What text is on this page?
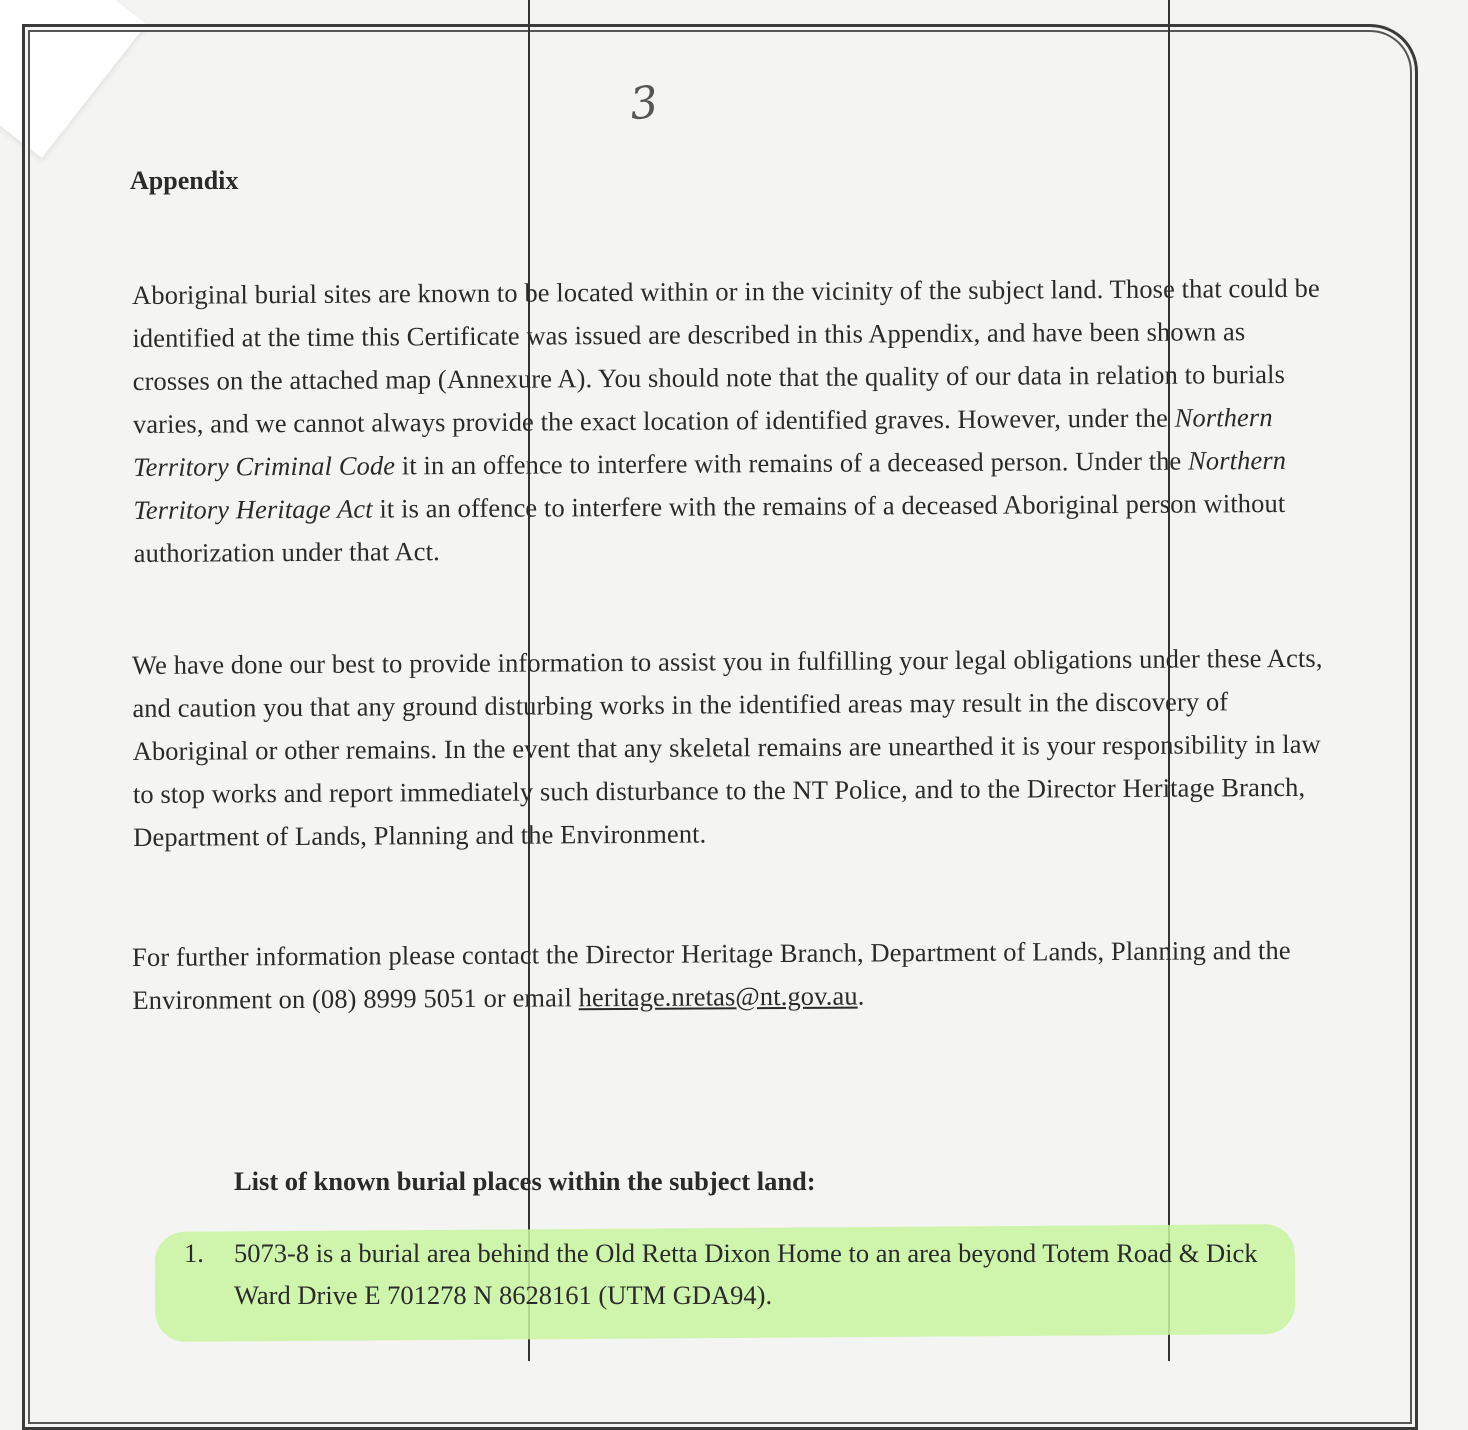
3
Appendix
Aboriginal burial sites are known to be located within or in the vicinity of the subject land. Those that could be identified at the time this Certificate was issued are described in this Appendix, and have been shown as crosses on the attached map (Annexure A). You should note that the quality of our data in relation to burials varies, and we cannot always provide the exact location of identified graves. However, under the Northern Territory Criminal Code it in an offence to interfere with remains of a deceased person. Under the Northern Territory Heritage Act it is an offence to interfere with the remains of a deceased Aboriginal person without authorization under that Act.
We have done our best to provide information to assist you in fulfilling your legal obligations under these Acts, and caution you that any ground disturbing works in the identified areas may result in the discovery of Aboriginal or other remains. In the event that any skeletal remains are unearthed it is your responsibility in law to stop works and report immediately such disturbance to the NT Police, and to the Director Heritage Branch, Department of Lands, Planning and the Environment.
For further information please contact the Director Heritage Branch, Department of Lands, Planning and the Environment on (08) 8999 5051 or email heritage.nretas@nt.gov.au.
List of known burial places within the subject land:
1. 5073-8 is a burial area behind the Old Retta Dixon Home to an area beyond Totem Road & Dick Ward Drive E 701278 N 8628161 (UTM GDA94).
